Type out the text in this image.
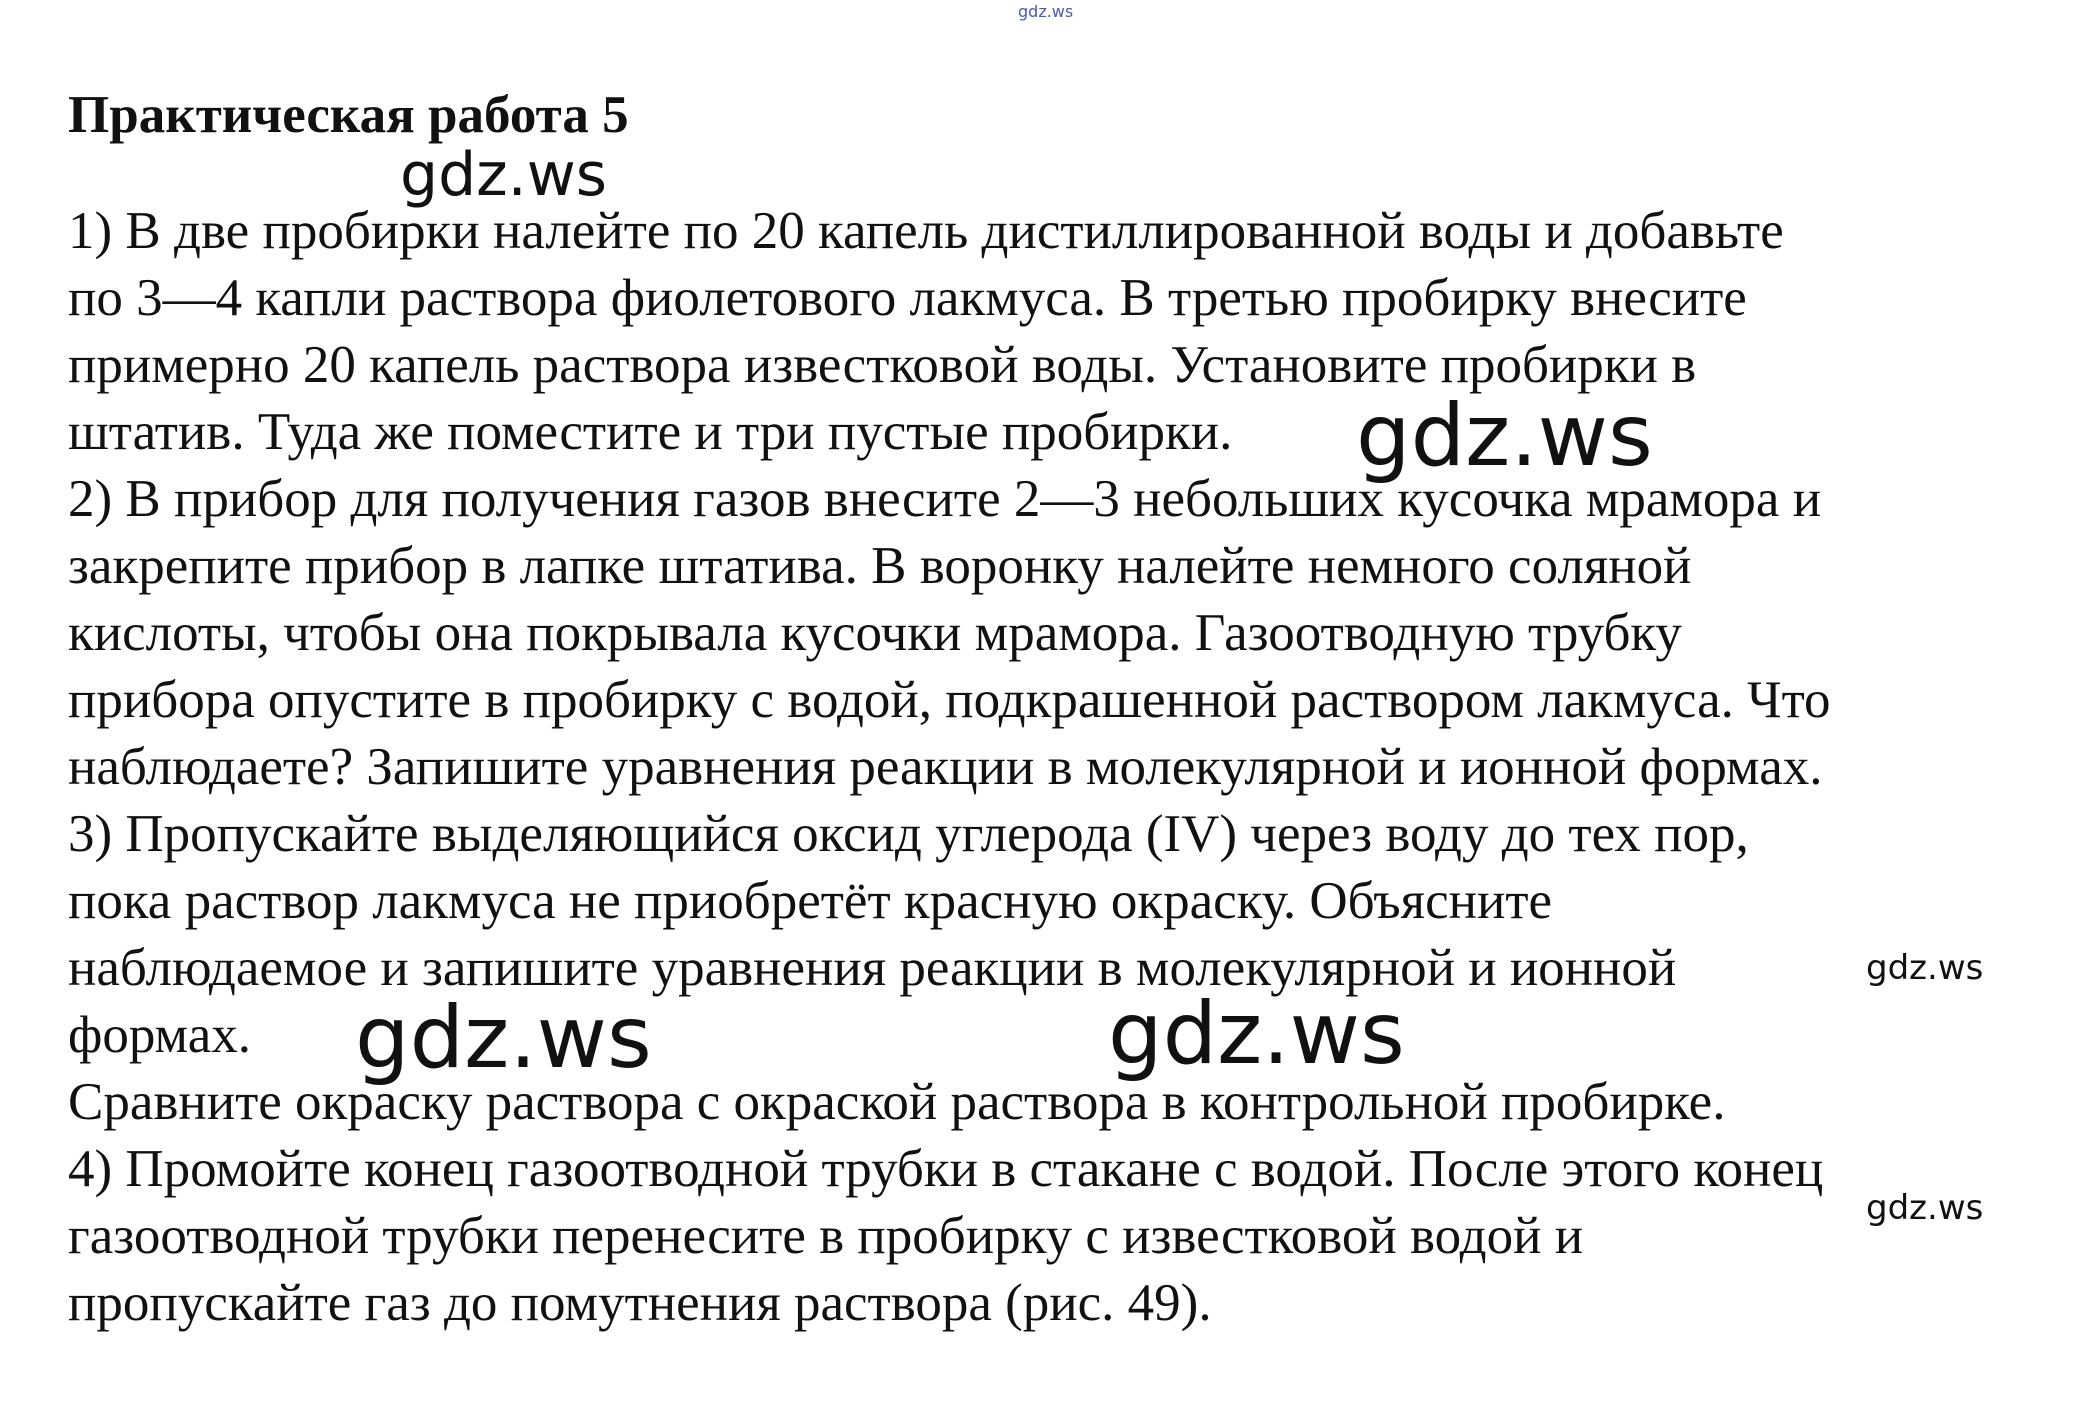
gdz.ws
Практическая работа 5
gdz.ws
1) В две пробирки налейте по 20 капель дистиллированной воды и добавьте
по 3—4 капли раствора фиолетового лакмуса. В третью пробирку внесите
примерно 20 капель раствора известковой воды. Установите пробирки в
штатив. Туда же поместите и три пустые пробирки. gdz.ws
2) В прибор для получения газов внесите 2—3 небольших кусочка мрамора и
закрепите прибор в лапке штатива. В воронку налейте немного соляной
кислоты, чтобы она покрывала кусочки мрамора. Газоотводную трубку
прибора опустите в пробирку с водой, подкрашенной раствором лакмуса. Что
наблюдаете? Запишите уравнения реакции в молекулярной и ионной формах.
3) Пропускайте выделяющийся оксид углерода (IV) через воду до тех пор,
пока раствор лакмуса не приобретёт красную окраску. Объясните
наблюдаемое и запишите уравнения реакции в молекулярной и ионной	gdz.ws
формах. gdz.ws	gdz.ws
Сравните окраску раствора с окраской раствора в контрольной пробирке.
4) Промойте конец газоотводной трубки в стакане с водой. После этого конец
gdz.ws
газоотводной трубки перенесите в пробирку с известковой водой и
пропускайте газ до помутнения раствора (рис. 49).
